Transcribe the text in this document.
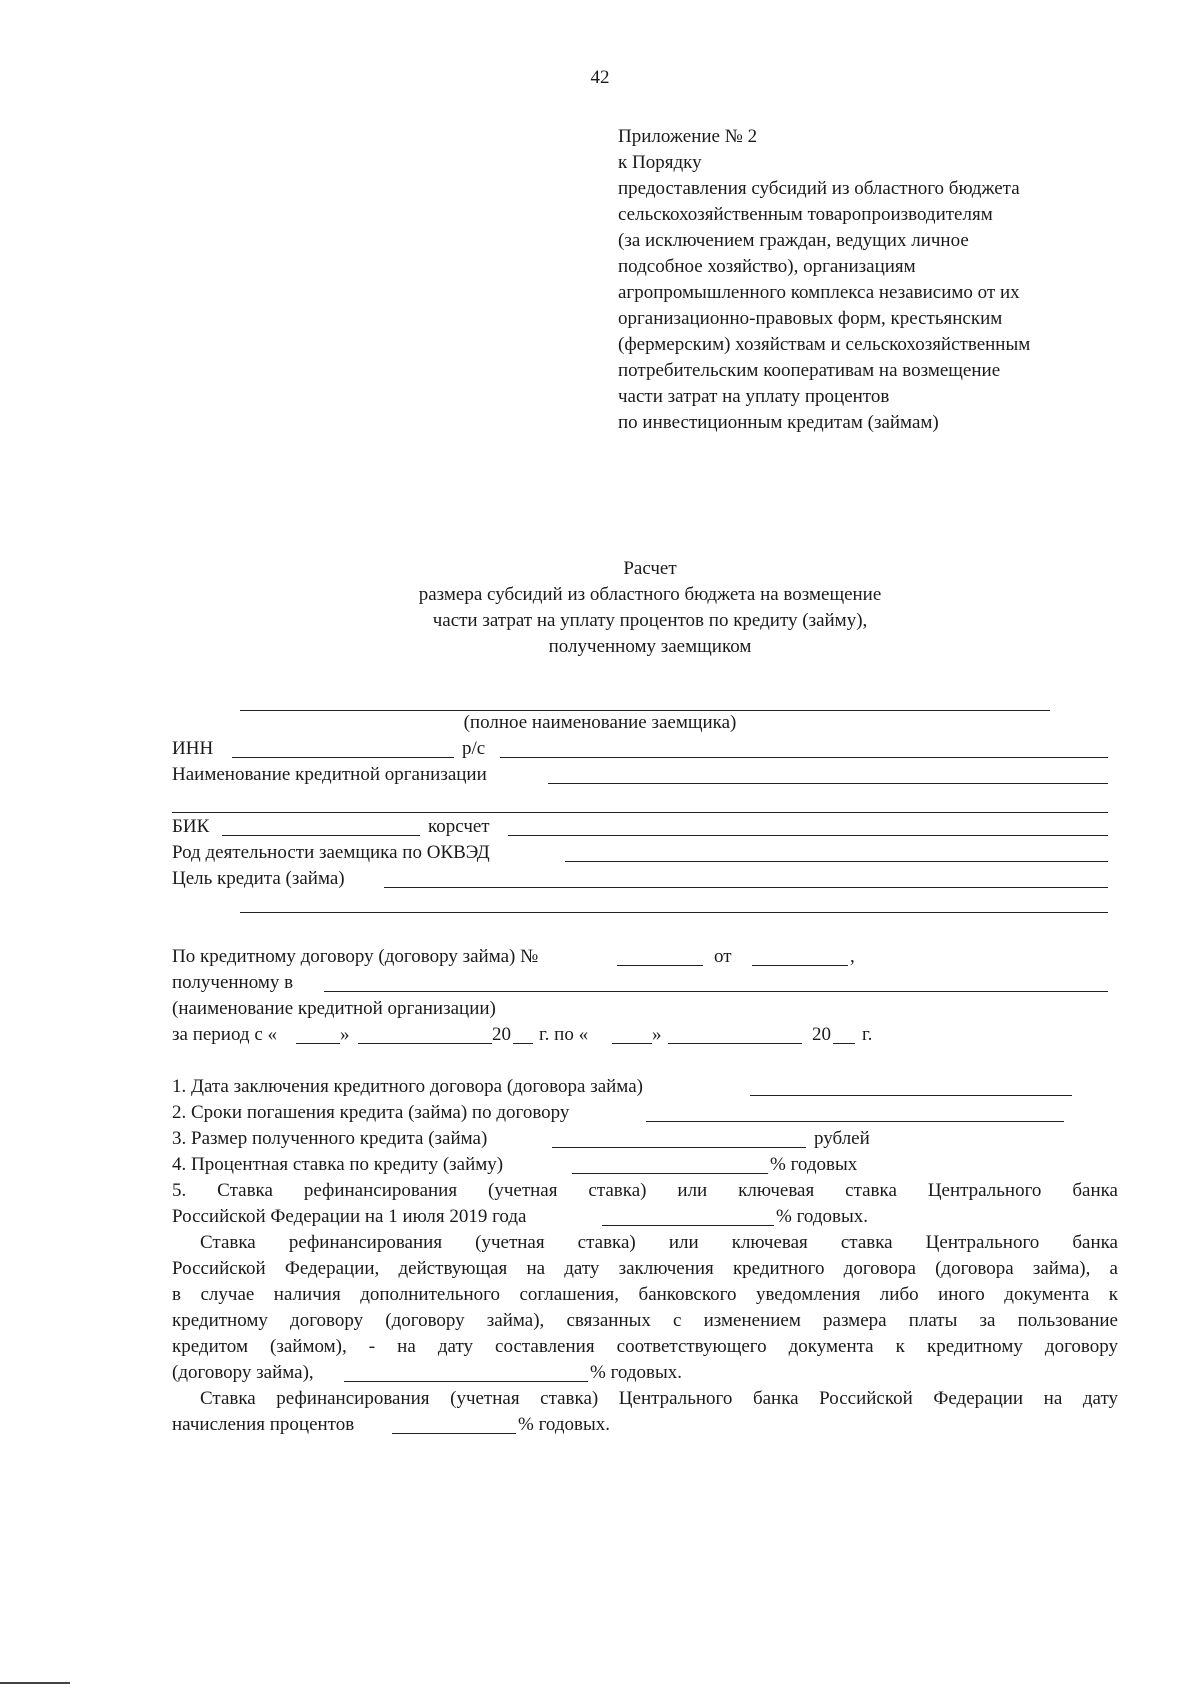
42
Приложение № 2
к Порядку
предоставления субсидий из областного бюджета
сельскохозяйственным товаропроизводителям
(за исключением граждан, ведущих личное
подсобное хозяйство), организациям
агропромышленного комплекса независимо от их
организационно-правовых форм, крестьянским
(фермерским) хозяйствам и сельскохозяйственным
потребительским кооперативам на возмещение
части затрат на уплату процентов
по инвестиционным кредитам (займам)
Расчет
размера субсидий из областного бюджета на возмещение
части затрат на уплату процентов по кредиту (займу),
полученному заемщиком
(полное наименование заемщика)
ИНН	р/с
Наименование кредитной организации
БИК	корсчет
Род деятельности заемщика по ОКВЭД
Цель кредита (займа)
По кредитному договору (договору займа) №	от	,
полученному в
(наименование кредитной организации)
за период с «	»	20 г. по «	»	20 г.
1. Дата заключения кредитного договора (договора займа)
2. Сроки погашения кредита (займа) по договору
3. Размер полученного кредита (займа)	рублей
4. Процентная ставка по кредиту (займу)	% годовых
5. Ставка рефинансирования (учетная ставка) или ключевая ставка Центрального банка
Российской Федерации на 1 июля 2019 года	% годовых.
Ставка рефинансирования (учетная ставка) или ключевая ставка Центрального банка
Российской Федерации, действующая на дату заключения кредитного договора (договора займа), а
в случае наличия дополнительного соглашения, банковского уведомления либо иного документа к
кредитному договору (договору займа), связанных с изменением размера платы за пользование
кредитом (займом), - на дату составления соответствующего документа к кредитному договору
(договору займа),	% годовых.
Ставка рефинансирования (учетная ставка) Центрального банка Российской Федерации на дату
начисления процентов	% годовых.
